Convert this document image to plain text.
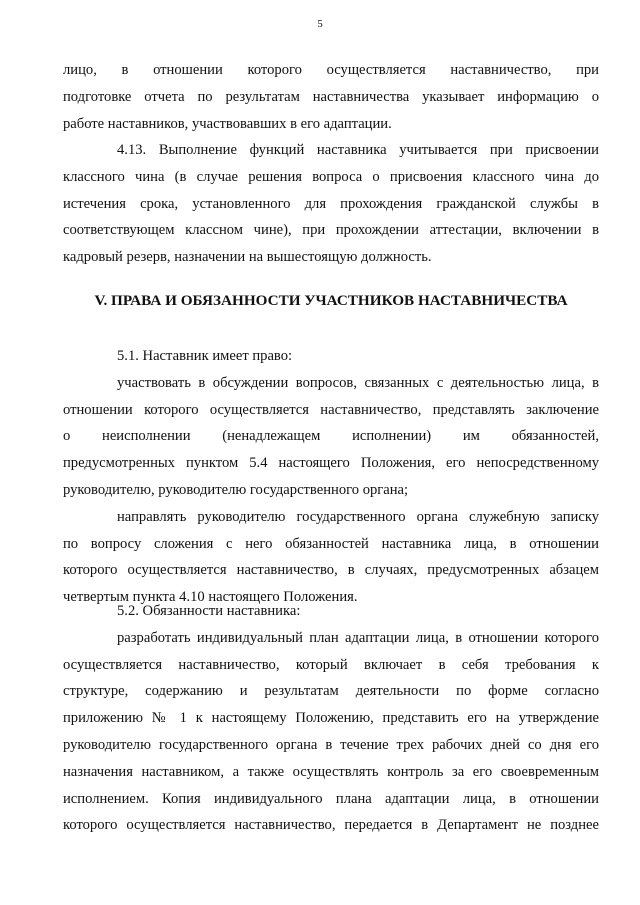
5

лицо, в отношении которого осуществляется наставничество, при

подготовке отчета по результатам наставничества указывает информацию о

работе наставников, участвовавших в его адаптации.

4.13. Выполнение функций наставника учитывается при присвоении

классного чина (в случае решения вопроса о присвоения классного чина до

истечения срока, установленного для прохождения гражданской службы в

соответствующем классном чине), при прохождении аттестации, включении в

кадровый резерв, назначении на вышестоящую должность.

V. ПРАВА И ОБЯЗАННОСТИ УЧАСТНИКОВ НАСТАВНИЧЕСТВА

5.1. Наставник имеет право:

участвовать в обсуждении вопросов, связанных с деятельностью лица, в

отношении которого осуществляется наставничество, представлять заключение

о неисполнении (ненадлежащем исполнении) им обязанностей,

предусмотренных пунктом 5.4 настоящего Положения, его непосредственному

руководителю, руководителю государственного органа;

направлять руководителю государственного органа служебную записку

по вопросу сложения с него обязанностей наставника лица, в отношении

которого осуществляется наставничество, в случаях, предусмотренных абзацем

четвертым пункта 4.10 настоящего Положения.

5.2. Обязанности наставника:

разработать индивидуальный план адаптации лица, в отношении которого

осуществляется наставничество, который включает в себя требования к

структуре, содержанию и результатам деятельности по форме согласно

приложению № 1 к настоящему Положению, представить его на утверждение

руководителю государственного органа в течение трех рабочих дней со дня его

назначения наставником, а также осуществлять контроль за его своевременным

исполнением. Копия индивидуального плана адаптации лица, в отношении

которого осуществляется наставничество, передается в Департамент не позднее
